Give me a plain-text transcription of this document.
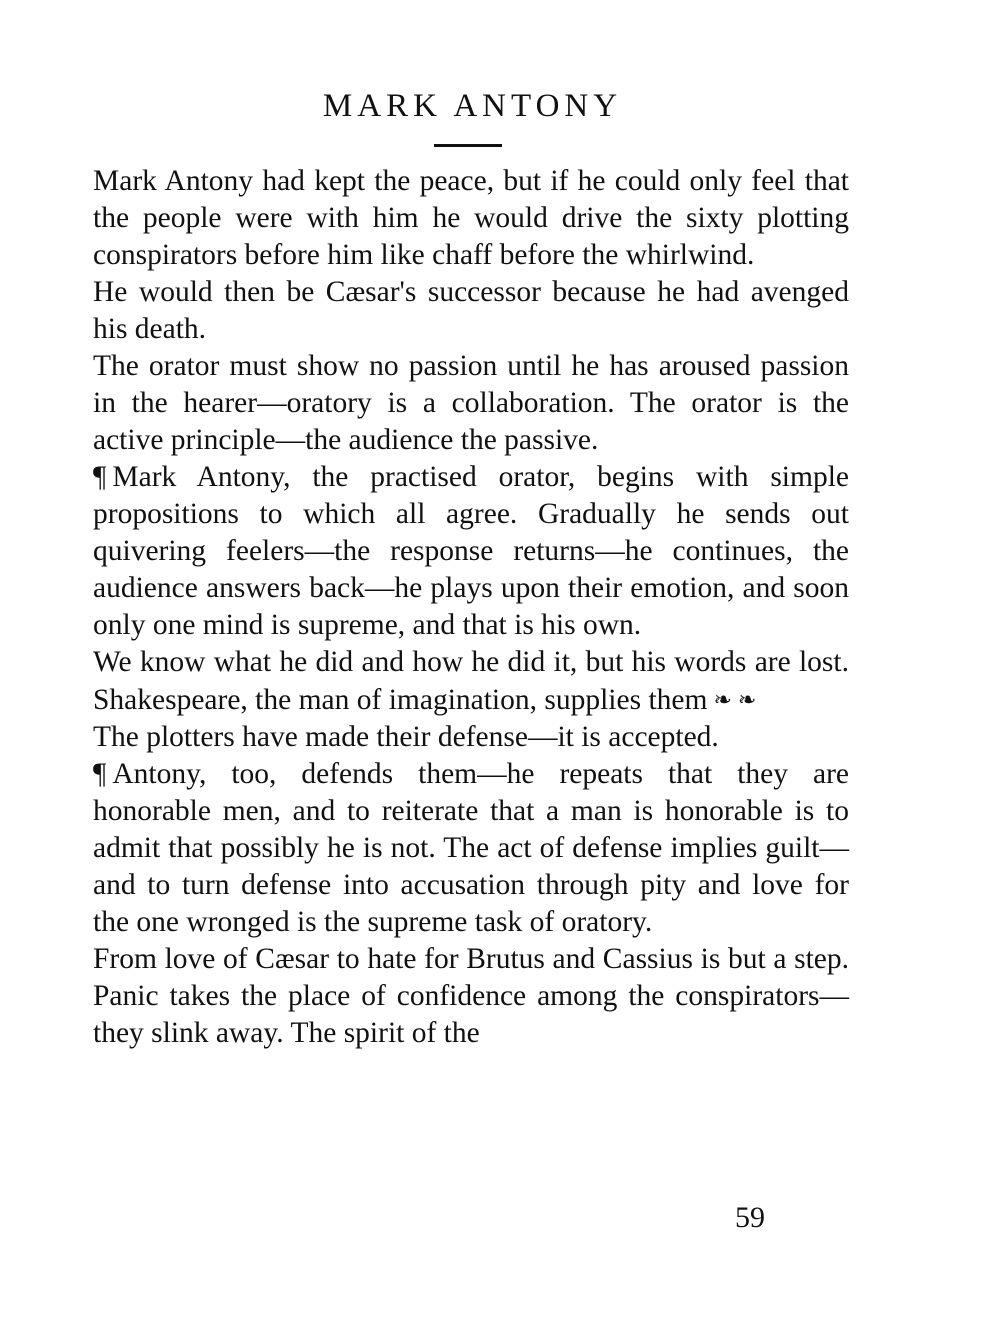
MARK ANTONY

Mark Antony had kept the peace, but if he could only feel that the people were with him he would drive the sixty plotting conspirators before him like chaff before the whirlwind.

He would then be Cæsar's successor because he had avenged his death.

The orator must show no passion until he has aroused passion in the hearer—oratory is a collaboration. The orator is the active principle—the audience the passive.

¶ Mark Antony, the practised orator, begins with simple propositions to which all agree. Gradually he sends out quivering feelers—the response returns—he continues, the audience answers back—he plays upon their emotion, and soon only one mind is supreme, and that is his own.

We know what he did and how he did it, but his words are lost. Shakespeare, the man of imagination, supplies them ❧❧

The plotters have made their defense—it is accepted.

¶ Antony, too, defends them—he repeats that they are honorable men, and to reiterate that a man is honorable is to admit that possibly he is not. The act of defense implies guilt—and to turn defense into accusation through pity and love for the one wronged is the supreme task of oratory.

From love of Cæsar to hate for Brutus and Cassius is but a step. Panic takes the place of confidence among the conspirators—they slink away. The spirit of the

59
